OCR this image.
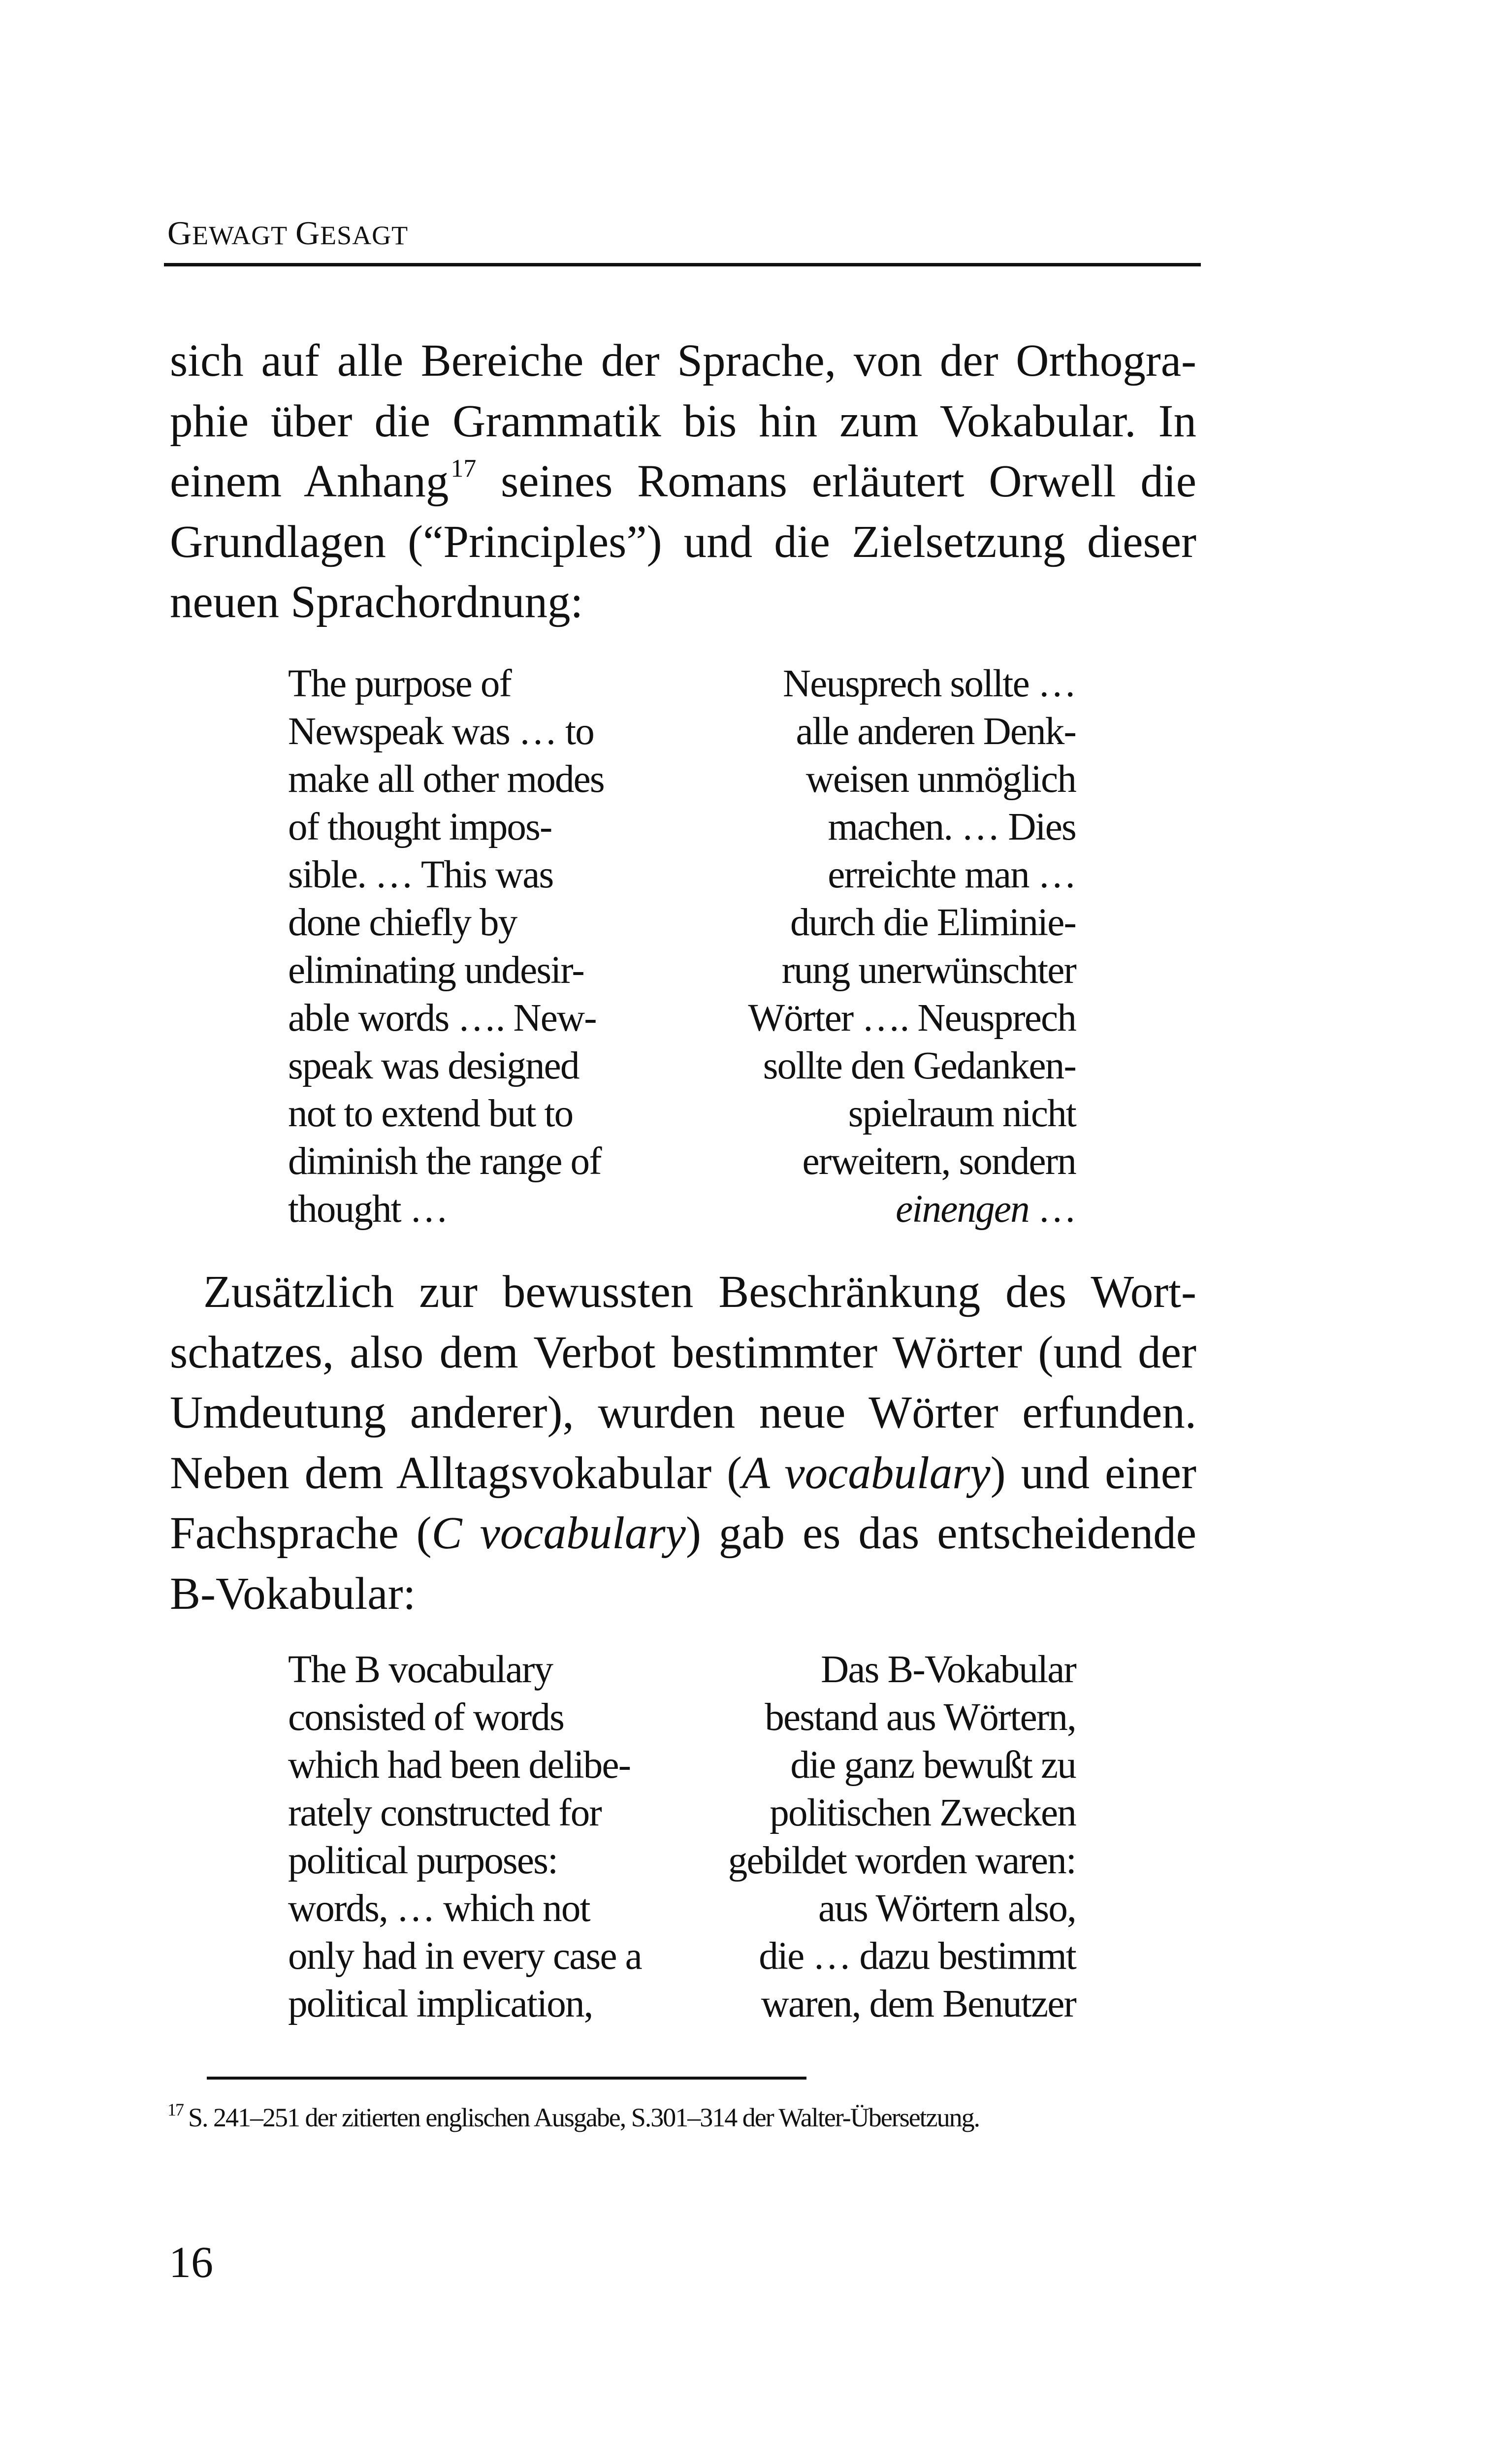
GEWAGT GESAGT
sich auf alle Bereiche der Sprache, von der Orthogra-
phie über die Grammatik bis hin zum Vokabular. In
einem Anhang$^{17}$ seines Romans erläutert Orwell die
Grundlagen (“Principles”) und die Zielsetzung dieser
neuen Sprachordnung:
The purpose of
Newspeak was … to
make all other modes
of thought impos-
sible. … This was
done chiefly by
eliminating undesir-
able words …. New-
speak was designed
not to extend but to
diminish the range of
thought …
Neusprech sollte …
alle anderen Denk-
weisen unmöglich
machen. … Dies
erreichte man …
durch die Eliminie-
rung unerwünschter
Wörter …. Neusprech
sollte den Gedanken-
spielraum nicht
erweitern, sondern
einengen …
Zusätzlich zur bewussten Beschränkung des Wort-
schatzes, also dem Verbot bestimmter Wörter (und der
Umdeutung anderer), wurden neue Wörter erfunden.
Neben dem Alltagsvokabular (A vocabulary) und einer
Fachsprache (C vocabulary) gab es das entscheidende
B-Vokabular:
The B vocabulary
consisted of words
which had been delibe-
rately constructed for
political purposes:
words, … which not
only had in every case a
political implication,
Das B-Vokabular
bestand aus Wörtern,
die ganz bewußt zu
politischen Zwecken
gebildet worden waren:
aus Wörtern also,
die … dazu bestimmt
waren, dem Benutzer
$^{17}$ S. 241–251 der zitierten englischen Ausgabe, S.301–314 der Walter-Übersetzung.
16
